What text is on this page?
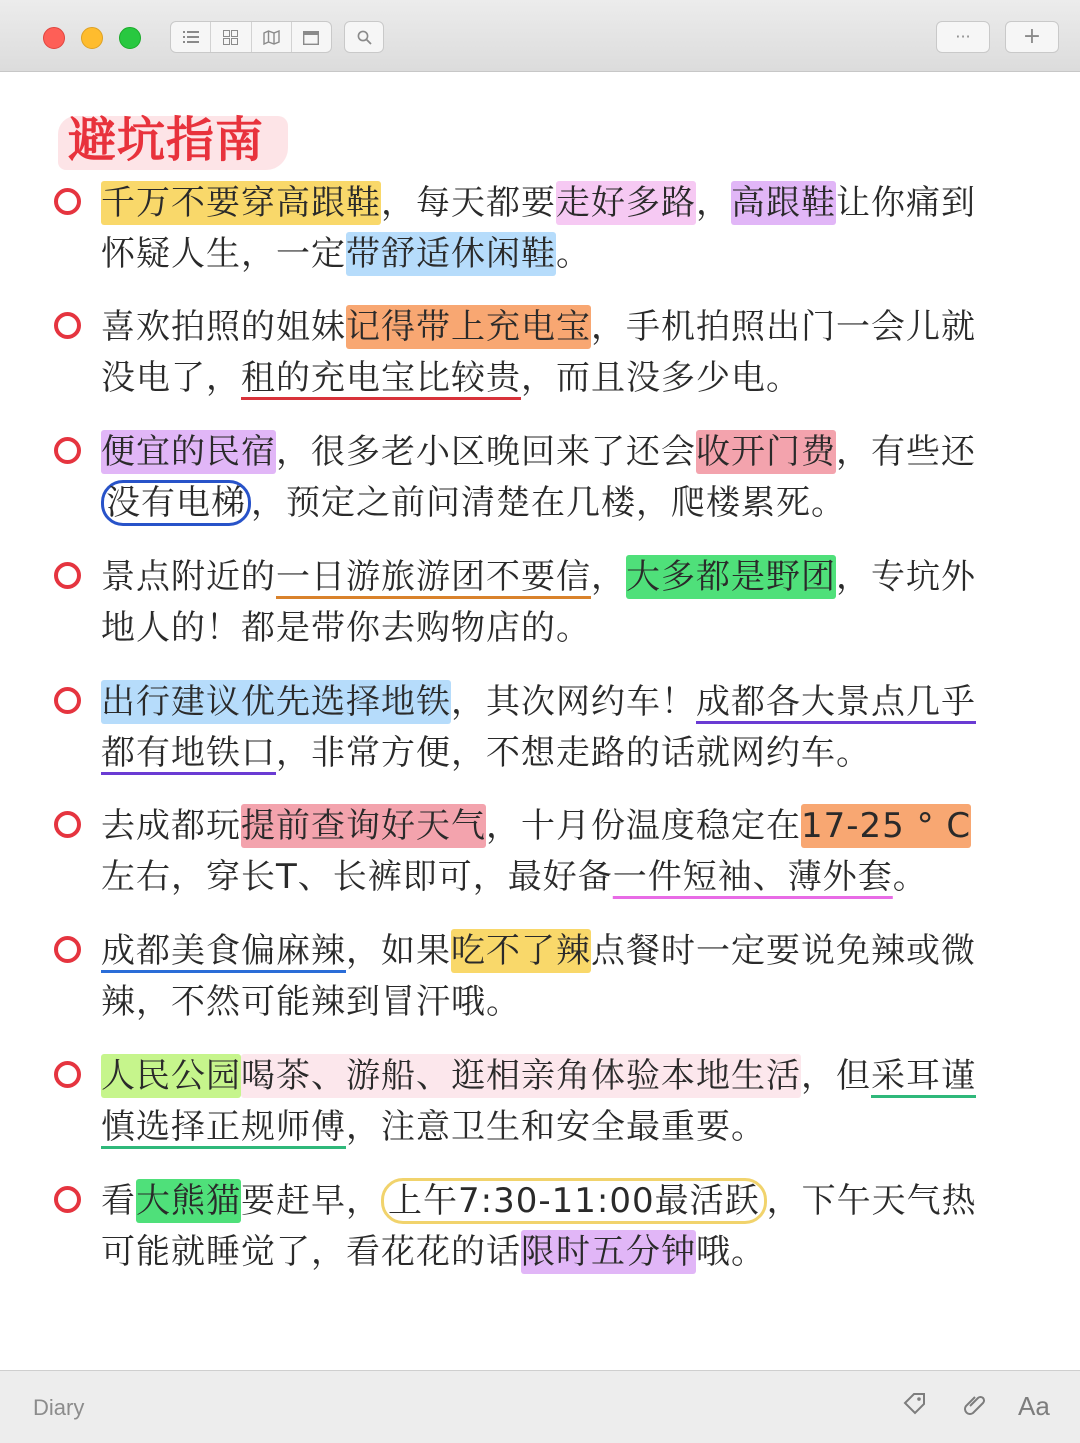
··· +
避坑指南
千万不要穿高跟鞋，每天都要走好多路，高跟鞋让你痛到怀疑人生，一定带舒适休闲鞋。
喜欢拍照的姐妹记得带上充电宝，手机拍照出门一会儿就没电了，租的充电宝比较贵，而且没多少电。
便宜的民宿，很多老小区晚回来了还会收开门费，有些还没有电梯 ，预定之前问清楚在几楼，爬楼累死。
景点附近的一日游旅游团不要信，大多都是野团，专坑外地人的！都是带你去购物店的。
出行建议优先选择地铁，其次网约车！成都各大景点几乎都有地铁口，非常方便，不想走路的话就网约车。
去成都玩提前查询好天气，十月份温度稳定在17-25 ° C左右，穿长T、长裤即可，最好备一件短袖、薄外套。
成都美食偏麻辣，如果吃不了辣点餐时一定要说免辣或微辣，不然可能辣到冒汗哦。
人民公园喝茶、游船、逛相亲角体验本地生活，但采耳谨慎选择正规师傅，注意卫生和安全最重要。
看大熊猫要赶早， 上午7:30-11:00最活跃 ，下午天气热可能就睡觉了，看花花的话限时五分钟哦。
Diary	Aa
